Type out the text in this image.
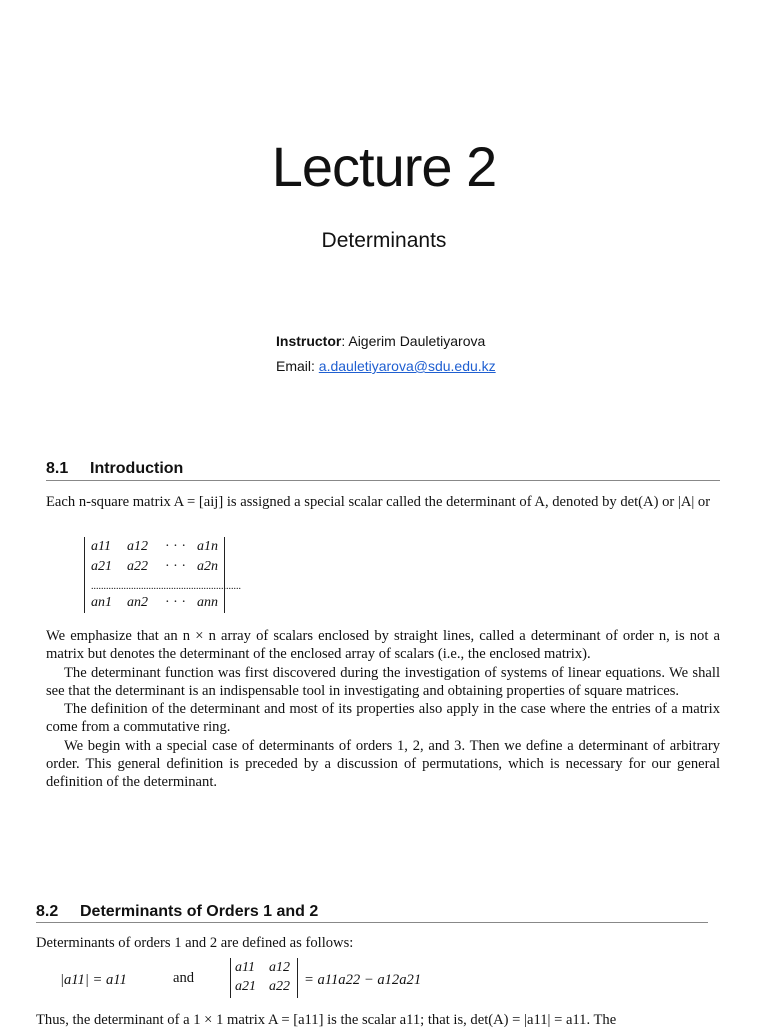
Lecture 2
Determinants
Instructor: Aigerim Dauletiyarova
Email: a.dauletiyarova@sdu.edu.kz
8.1 Introduction
Each n-square matrix A = [aij] is assigned a special scalar called the determinant of A, denoted by det(A) or |A| or
a11 a12 · · · a1n
a21 a22 · · · a2n
............................................................
an1 an2 · · · ann
We emphasize that an n × n array of scalars enclosed by straight lines, called a determinant of order n, is not a matrix but denotes the determinant of the enclosed array of scalars (i.e., the enclosed matrix).
The determinant function was first discovered during the investigation of systems of linear equations. We shall see that the determinant is an indispensable tool in investigating and obtaining properties of square matrices.
The definition of the determinant and most of its properties also apply in the case where the entries of a matrix come from a commutative ring.
We begin with a special case of determinants of orders 1, 2, and 3. Then we define a determinant of arbitrary order. This general definition is preceded by a discussion of permutations, which is necessary for our general definition of the determinant.
8.2 Determinants of Orders 1 and 2
Determinants of orders 1 and 2 are defined as follows:
|a11| = a11	and
a11 a12
a21 a22 = a11a22 − a12a21
Thus, the determinant of a 1 × 1 matrix A = [a11] is the scalar a11; that is, det(A) = |a11| = a11. The
